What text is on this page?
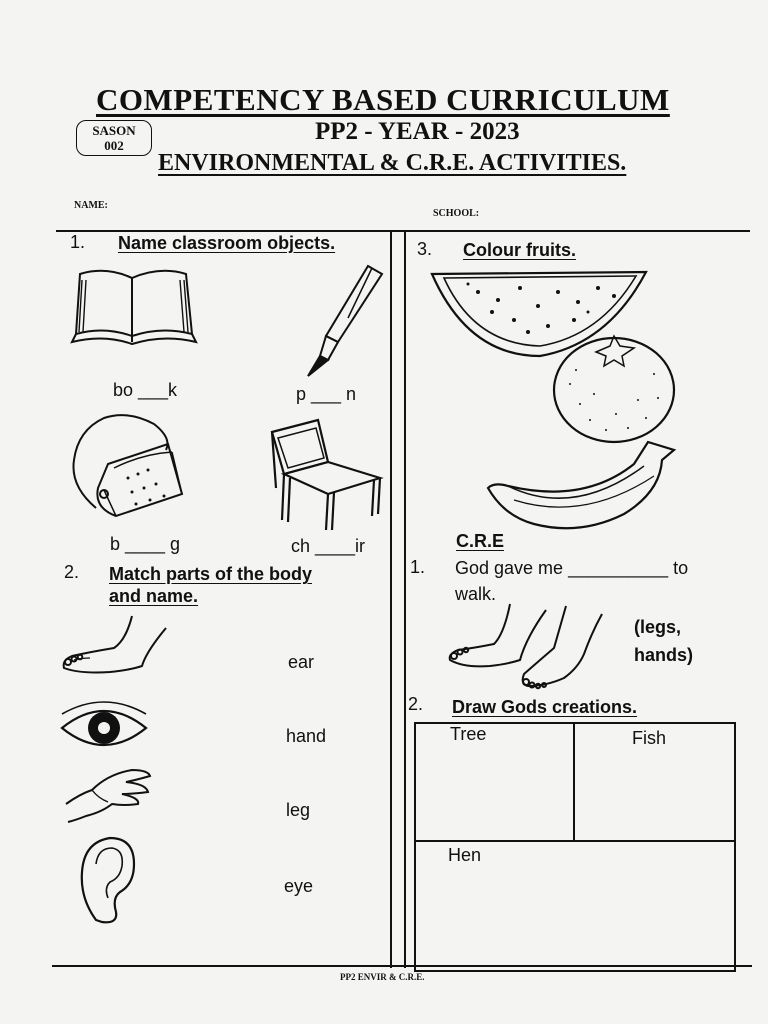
COMPETENCY BASED CURRICULUM
SASON
002
PP2 - YEAR - 2023
ENVIRONMENTAL & C.R.E. ACTIVITIES.
NAME:
SCHOOL:
1. Name classroom objects.
bo ___k	p ___ n
b ____ g	ch ____ir
2. Match parts of the body
and name.
ear
hand
leg
eye
3. Colour fruits.
C.R.E
1. God gave me __________ to
walk.
(legs,
hands)
2. Draw Gods creations.
Tree	Fish
Hen
PP2 ENVIR & C.R.E.
